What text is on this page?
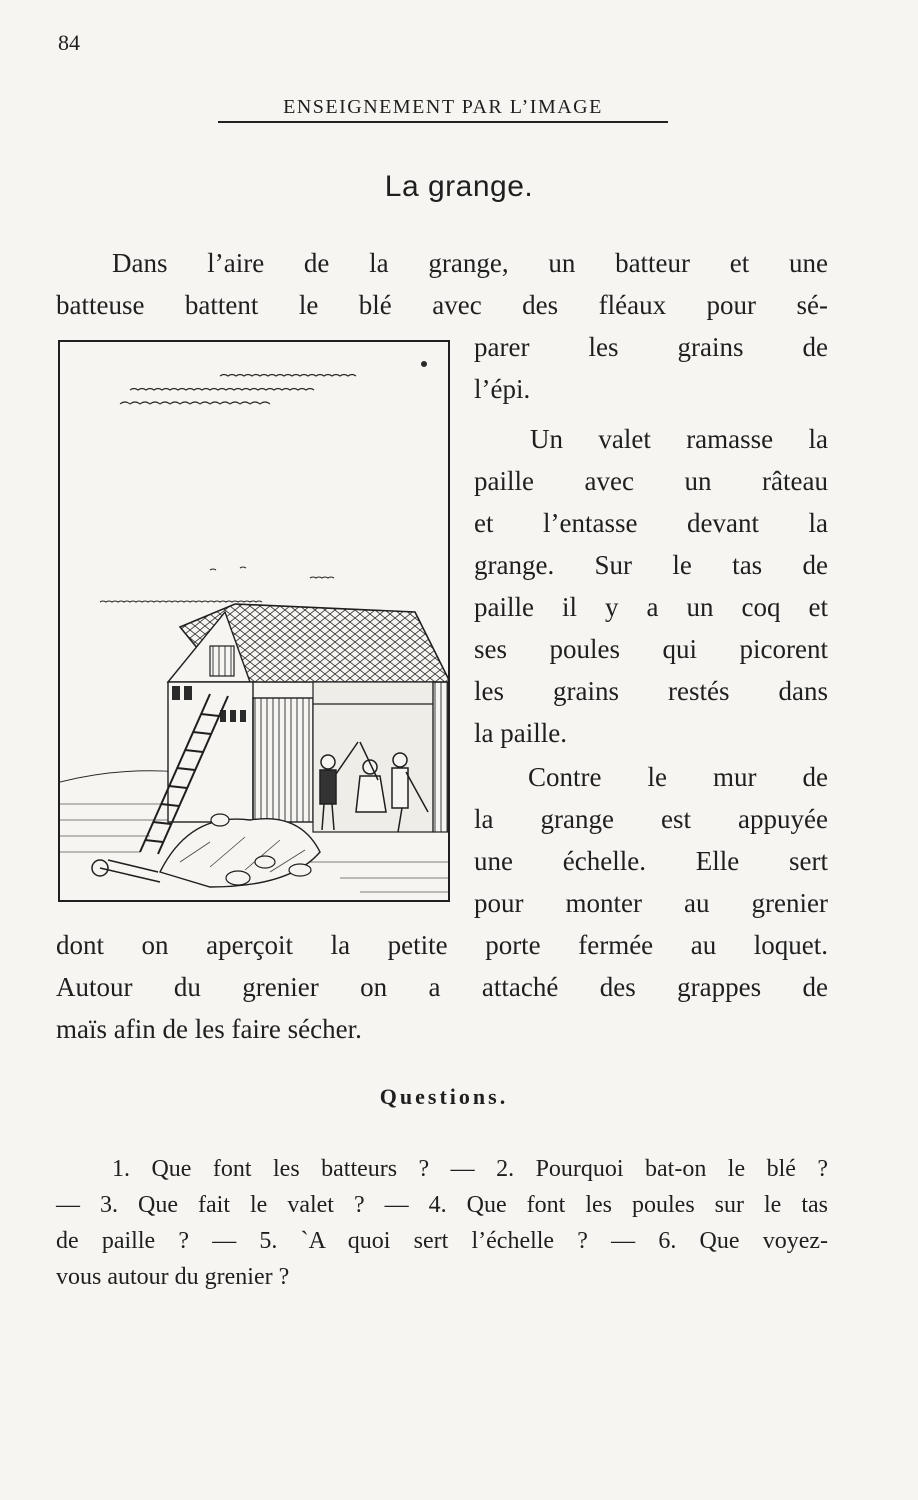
84
ENSEIGNEMENT PAR L’IMAGE
La grange.
Dans l’aire de la grange, un batteur et une
batteuse battent le blé avec des fléaux pour sé-
parer les grains de
l’épi.
Un valet ramasse la
paille avec un râteau
et l’entasse devant la
grange. Sur le tas de
paille il y a un coq et
ses poules qui picorent
les grains restés dans
la paille.
Contre le mur de
la grange est appuyée
une échelle. Elle sert
pour monter au grenier
dont on aperçoit la petite porte fermée au loquet.
Autour du grenier on a attaché des grappes de
maïs afin de les faire sécher.
Questions.
1. Que font les batteurs ? — 2. Pourquoi bat-on le blé ?
— 3. Que fait le valet ? — 4. Que font les poules sur le tas
de paille ? — 5. `A quoi sert l’échelle ? — 6. Que voyez-
vous autour du grenier ?
